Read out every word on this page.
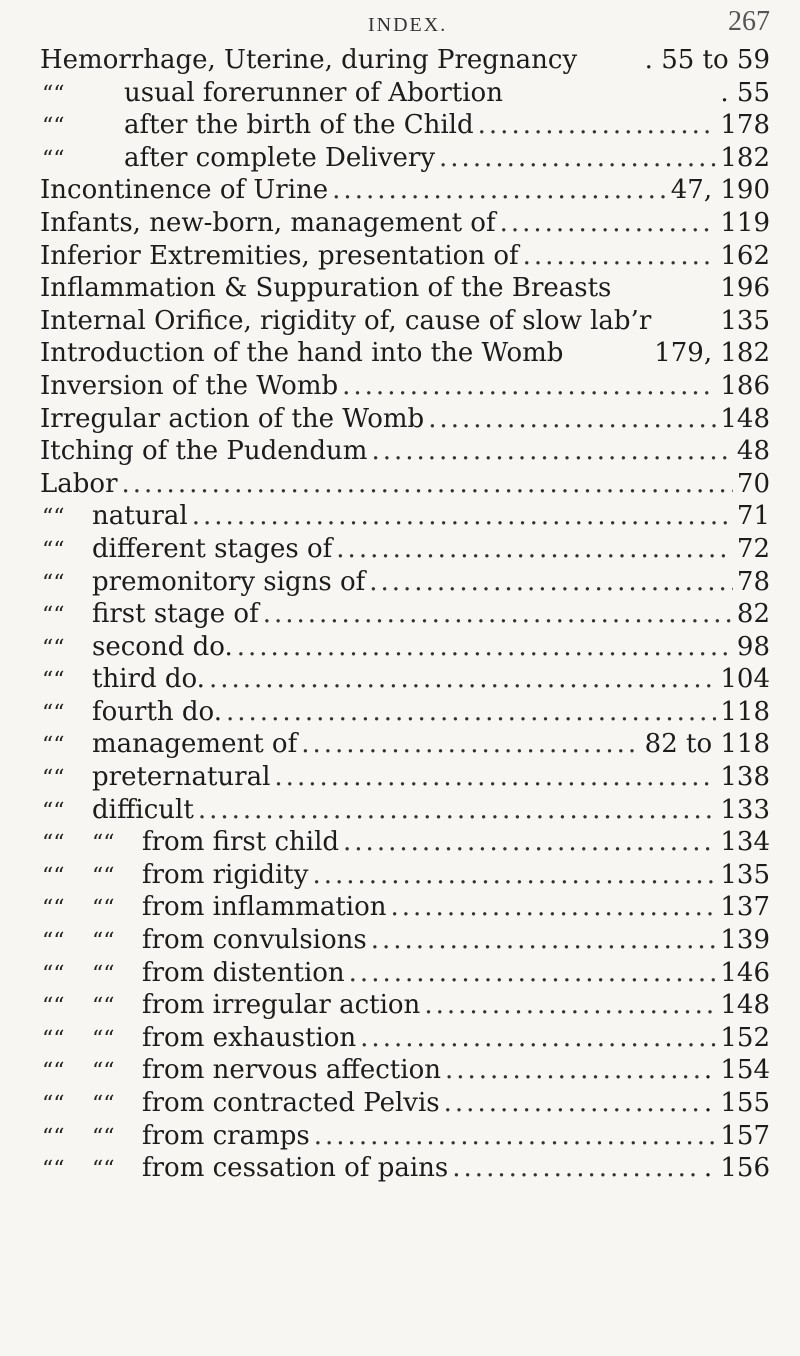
INDEX.	267
Hemorrhage, Uterine, during Pregnancy	. 55 to 59
““	usual forerunner of Abortion	. 55
““	after the birth of the Child .....	178
““	after complete Delivery .....	182
Incontinence of Urine .....	47, 190
Infants, new-born, management of .....	119
Inferior Extremities, presentation of .....	162
Inflammation & Suppuration of the Breasts	196
Internal Orifice, rigidity of, cause of slow lab’r	135
Introduction of the hand into the Womb	179, 182
Inversion of the Womb .....	186
Irregular action of the Womb .....	148
Itching of the Pudendum .....	48
Labor .....	70
““	natural .....	71
““	different stages of .....	72
““	premonitory signs of .....	78
““	first stage of .....	82
““	second do. .....	98
““	third do. .....	104
““	fourth do. .....	118
““	management of .....	82 to 118
““	preternatural .....	138
““	difficult .....	133
““	““	from first child .....	134
““	““	from rigidity .....	135
““	““	from inflammation .....	137
““	““	from convulsions .....	139
““	““	from distention .....	146
““	““	from irregular action .....	148
““	““	from exhaustion .....	152
““	““	from nervous affection .....	. 154
““	““	from contracted Pelvis .....	. 155
““	““	from cramps .....	157
““	““	from cessation of pains .....	. 156
